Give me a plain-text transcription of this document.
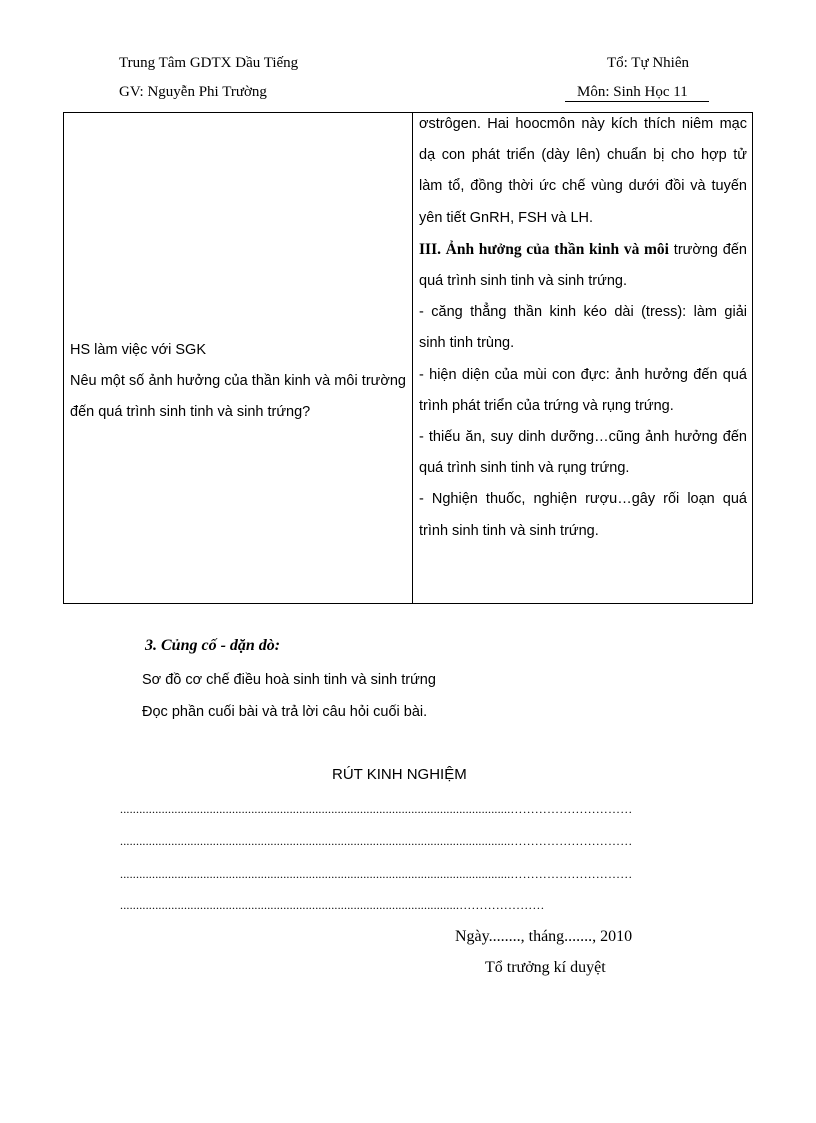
Trung Tâm GDTX Dầu Tiếng	Tổ: Tự Nhiên
GV: Nguyễn Phi Trường	Môn: Sinh Học 11

HS làm việc với SGK

Nêu một số ảnh hưởng của thần kinh và môi trường đến quá trình sinh tinh và sinh trứng?

ơstrôgen. Hai hoocmôn này kích thích niêm mạc dạ con phát triển (dày lên) chuẩn bị cho hợp tử làm tổ, đồng thời ức chế vùng dưới đồi và tuyến yên tiết GnRH, FSH và LH.

III. Ảnh hưởng của thần kinh và môi trường đến quá trình sinh tinh và sinh trứng.

- căng thẳng thần kinh kéo dài (tress): làm giải sinh tinh trùng.

- hiện diện của mùi con đực: ảnh hưởng đến quá trình phát triển của trứng và rụng trứng.

- thiếu ăn, suy dinh dưỡng…cũng ảnh hưởng đến quá trình sinh tinh và rụng trứng.

- Nghiện thuốc, nghiện rượu…gây rối loạn quá trình sinh tinh và sinh trứng.

3. Củng cố - dặn dò:
Sơ đồ cơ chế điều hoà sinh tinh và sinh trứng
Đọc phần cuối bài và trả lời câu hỏi cuối bài.
RÚT KINH NGHIỆM
..........................................................................................................................…………………………
..........................................................................................................................…………………………
..........................................................................................................................…………………………
..........................................................................................................…………………
Ngày........, tháng......., 2010
Tổ trưởng kí duyệt
